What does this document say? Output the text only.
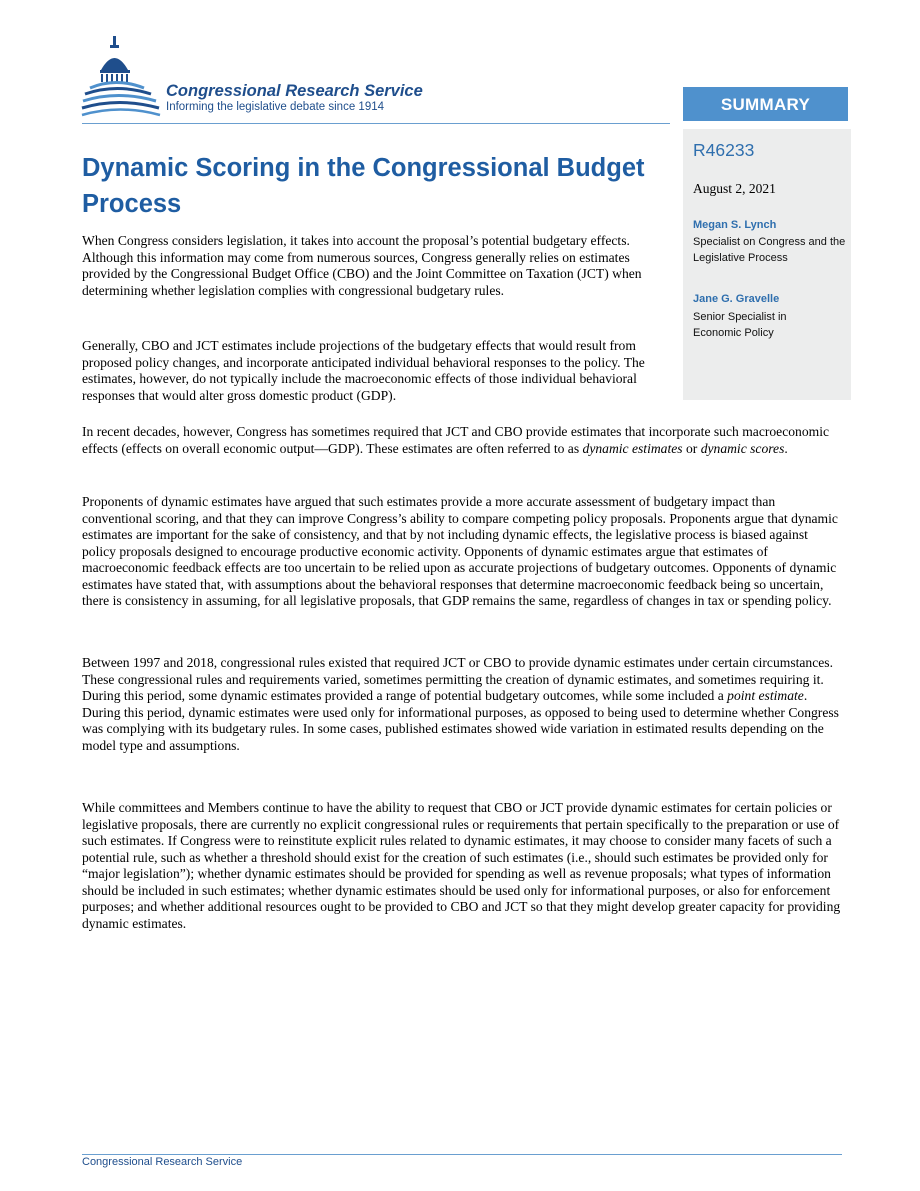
Congressional Research Service
Informing the legislative debate since 1914	SUMMARY
R46233
August 2, 2021
Megan S. Lynch
Specialist on Congress and the Legislative Process
Jane G. Gravelle
Senior Specialist in Economic Policy
Dynamic Scoring in the Congressional Budget Process

When Congress considers legislation, it takes into account the proposal’s potential budgetary effects. Although this information may come from numerous sources, Congress generally relies on estimates provided by the Congressional Budget Office (CBO) and the Joint Committee on Taxation (JCT) when determining whether legislation complies with congressional budgetary rules.

Generally, CBO and JCT estimates include projections of the budgetary effects that would result from proposed policy changes, and incorporate anticipated individual behavioral responses to the policy. The estimates, however, do not typically include the macroeconomic effects of those individual behavioral responses that would alter gross domestic product (GDP).

In recent decades, however, Congress has sometimes required that JCT and CBO provide estimates that incorporate such macroeconomic effects (effects on overall economic output—GDP). These estimates are often referred to as dynamic estimates or dynamic scores.

Proponents of dynamic estimates have argued that such estimates provide a more accurate assessment of budgetary impact than conventional scoring, and that they can improve Congress’s ability to compare competing policy proposals. Proponents argue that dynamic estimates are important for the sake of consistency, and that by not including dynamic effects, the legislative process is biased against policy proposals designed to encourage productive economic activity. Opponents of dynamic estimates argue that estimates of macroeconomic feedback effects are too uncertain to be relied upon as accurate projections of budgetary outcomes. Opponents of dynamic estimates have stated that, with assumptions about the behavioral responses that determine macroeconomic feedback being so uncertain, there is consistency in assuming, for all legislative proposals, that GDP remains the same, regardless of changes in tax or spending policy.

Between 1997 and 2018, congressional rules existed that required JCT or CBO to provide dynamic estimates under certain circumstances. These congressional rules and requirements varied, sometimes permitting the creation of dynamic estimates, and sometimes requiring it. During this period, some dynamic estimates provided a range of potential budgetary outcomes, while some included a point estimate. During this period, dynamic estimates were used only for informational purposes, as opposed to being used to determine whether Congress was complying with its budgetary rules. In some cases, published estimates showed wide variation in estimated results depending on the model type and assumptions.

While committees and Members continue to have the ability to request that CBO or JCT provide dynamic estimates for certain policies or legislative proposals, there are currently no explicit congressional rules or requirements that pertain specifically to the preparation or use of such estimates. If Congress were to reinstitute explicit rules related to dynamic estimates, it may choose to consider many facets of such a potential rule, such as whether a threshold should exist for the creation of such estimates (i.e., should such estimates be provided only for “major legislation”); whether dynamic estimates should be provided for spending as well as revenue proposals; what types of information should be included in such estimates; whether dynamic estimates should be used only for informational purposes, or also for enforcement purposes; and whether additional resources ought to be provided to CBO and JCT so that they might develop greater capacity for providing dynamic estimates.

Congressional Research Service
